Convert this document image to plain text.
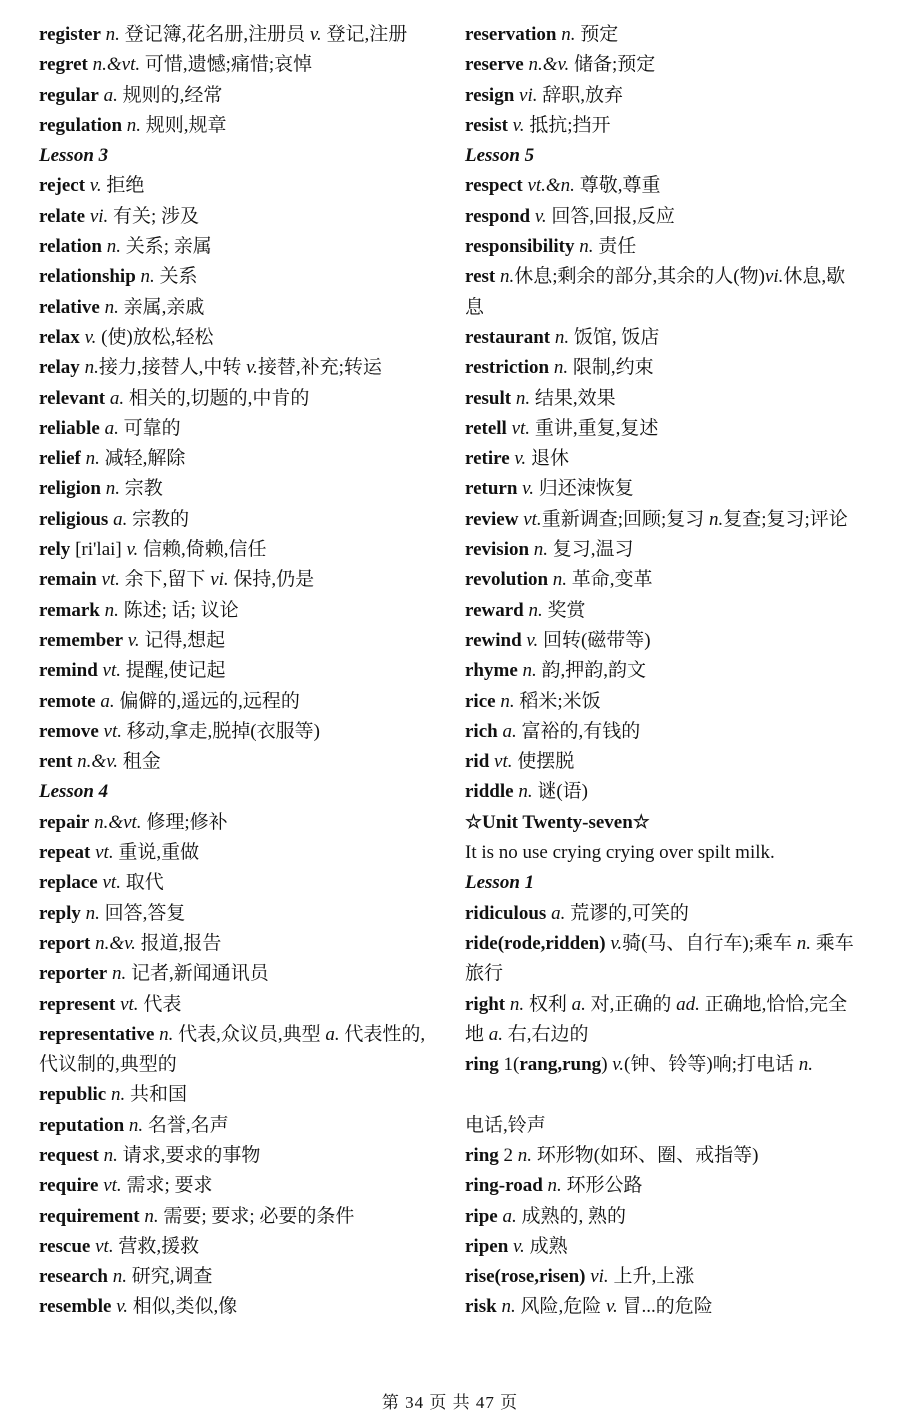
register n. 登记簿,花名册,注册员 v. 登记,注册
regret n.&vt. 可惜,遗憾;痛惜;哀悼
regular a. 规则的,经常
regulation n. 规则,规章
Lesson 3
reject v. 拒绝
relate vi. 有关; 涉及
relation n. 关系; 亲属
relationship n. 关系
relative n. 亲属,亲戚
relax v. (使)放松,轻松
relay n.接力,接替人,中转 v.接替,补充;转运
relevant a. 相关的,切题的,中肯的
reliable a. 可靠的
relief n. 减轻,解除
religion n. 宗教
religious a. 宗教的
rely [ri'lai] v. 信赖,倚赖,信任
remain vt. 余下,留下 vi. 保持,仍是
remark n. 陈述; 话; 议论
remember v. 记得,想起
remind vt. 提醒,使记起
remote a. 偏僻的,遥远的,远程的
remove vt. 移动,拿走,脱掉(衣服等)
rent n.&v. 租金
Lesson 4
repair n.&vt. 修理;修补
repeat vt. 重说,重做
replace vt. 取代
reply n. 回答,答复
report n.&v. 报道,报告
reporter n. 记者,新闻通讯员
represent vt. 代表
representative n. 代表,众议员,典型 a. 代表性的,代议制的,典型的
republic n. 共和国
reputation n. 名誉,名声
request n. 请求,要求的事物
require vt. 需求; 要求
requirement n. 需要; 要求; 必要的条件
rescue vt. 营救,援救
research n. 研究,调查
resemble v. 相似,类似,像
reservation n. 预定
reserve n.&v. 储备;预定
resign vi. 辞职,放弃
resist v. 抵抗;挡开
Lesson 5
respect vt.&n. 尊敬,尊重
respond v. 回答,回报,反应
responsibility n. 责任
rest n.休息;剩余的部分,其余的人(物)vi.休息,歇息
restaurant n. 饭馆, 饭店
restriction n. 限制,约束
result n. 结果,效果
retell vt. 重讲,重复,复述
retire v. 退休
return v. 归还洓恢复
review vt.重新调查;回顾;复习 n.复查;复习;评论
revision n. 复习,温习
revolution n. 革命,变革
reward n. 奖赏
rewind v. 回转(磁带等)
rhyme n. 韵,押韵,韵文
rice n. 稻米;米饭
rich a. 富裕的,有钱的
rid vt. 使摆脱
riddle n. 谜(语)
☆Unit Twenty-seven☆
It is no use crying crying over spilt milk.
Lesson 1
ridiculous a. 荒谬的,可笑的
ride(rode,ridden) v.骑(马、自行车);乘车 n. 乘车旅行
right n. 权利 a. 对,正确的 ad. 正确地,恰恰,完全地 a. 右,右边的
ring 1(rang,rung) v.(钟、铃等)响;打电话 n.

电话,铃声
ring 2 n. 环形物(如环、圈、戒指等)
ring-road n. 环形公路
ripe a. 成熟的, 熟的
ripen v. 成熟
rise(rose,risen) vi. 上升,上涨
risk n. 风险,危险 v. 冒...的危险
第 34 页 共 47 页
